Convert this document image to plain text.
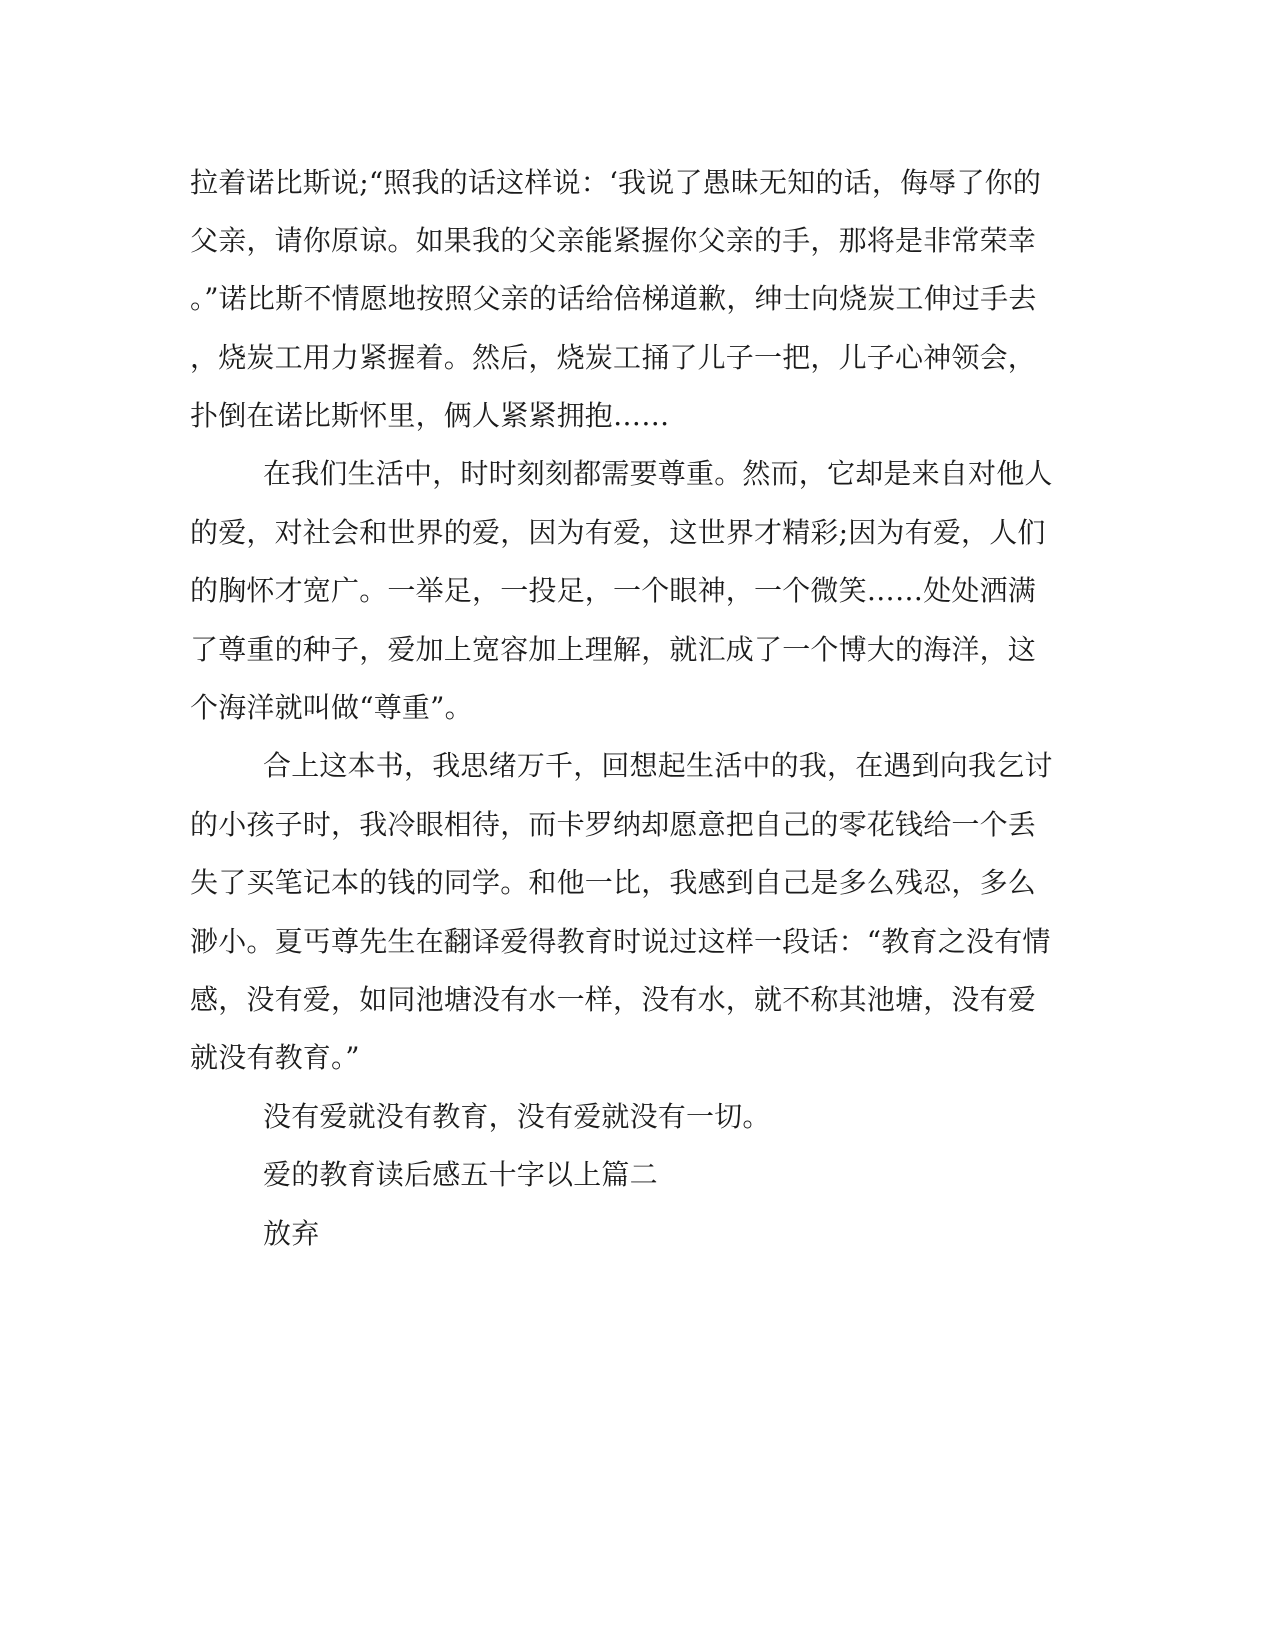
拉着诺比斯说;“照我的话这样说：‘我说了愚昧无知的话，侮辱了你的

父亲，请你原谅。如果我的父亲能紧握你父亲的手，那将是非常荣幸

。”诺比斯不情愿地按照父亲的话给倍梯道歉，绅士向烧炭工伸过手去

，烧炭工用力紧握着。然后，烧炭工捅了儿子一把，儿子心神领会，

扑倒在诺比斯怀里，俩人紧紧拥抱……

在我们生活中，时时刻刻都需要尊重。然而，它却是来自对他人

的爱，对社会和世界的爱，因为有爱，这世界才精彩;因为有爱，人们

的胸怀才宽广。一举足，一投足，一个眼神，一个微笑……处处洒满

了尊重的种子，爱加上宽容加上理解，就汇成了一个博大的海洋，这

个海洋就叫做“尊重”。

合上这本书，我思绪万千，回想起生活中的我，在遇到向我乞讨

的小孩子时，我冷眼相待，而卡罗纳却愿意把自己的零花钱给一个丢

失了买笔记本的钱的同学。和他一比，我感到自己是多么残忍，多么

渺小。夏丐尊先生在翻译爱得教育时说过这样一段话：“教育之没有情

感，没有爱，如同池塘没有水一样，没有水，就不称其池塘，没有爱

就没有教育。”

没有爱就没有教育，没有爱就没有一切。

爱的教育读后感五十字以上篇二

放弃
